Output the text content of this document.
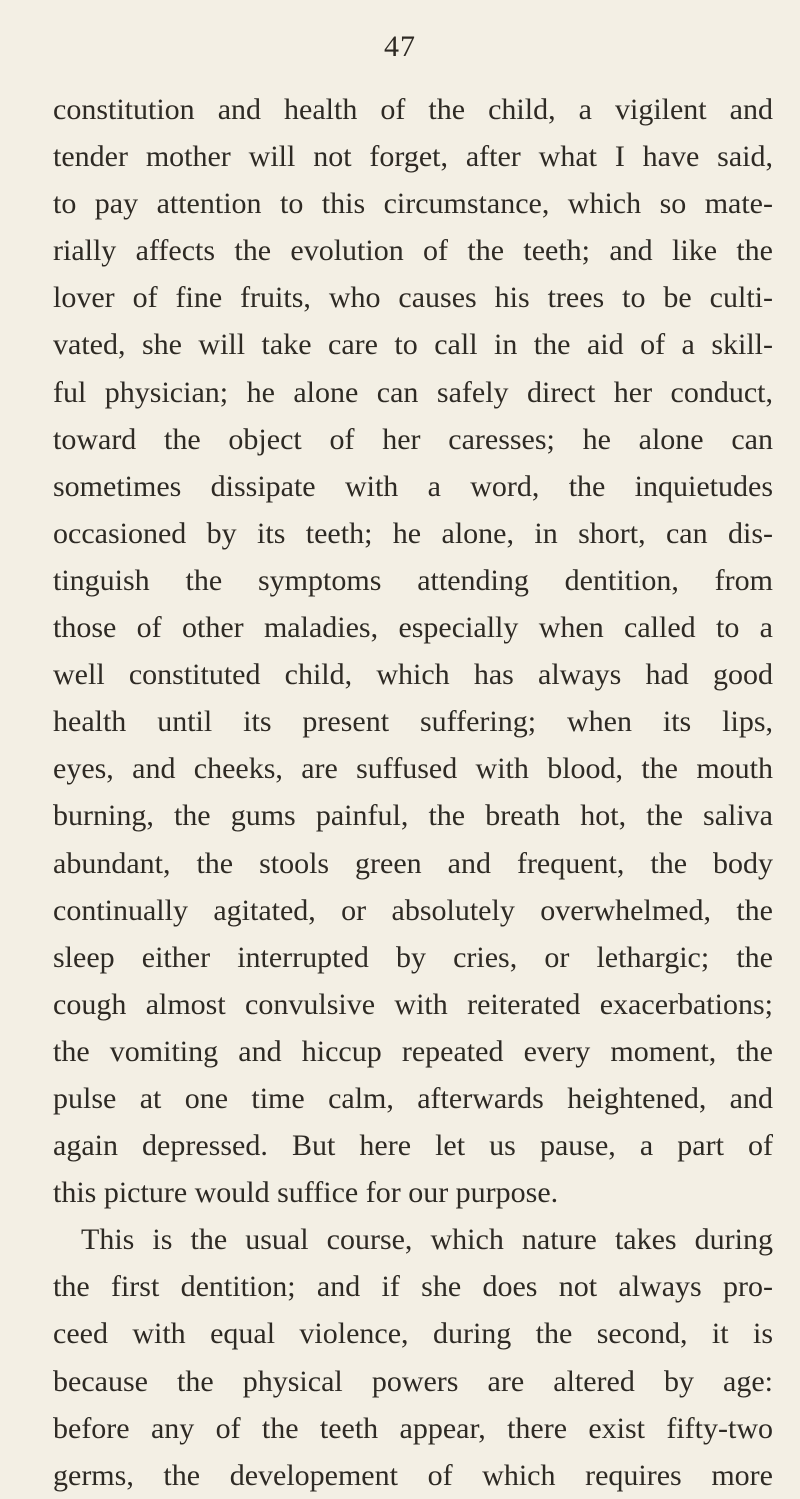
47
constitution and health of the child, a vigilent and
tender mother will not forget, after what I have said,
to pay attention to this circumstance, which so mate-
rially affects the evolution of the teeth; and like the
lover of fine fruits, who causes his trees to be culti-
vated, she will take care to call in the aid of a skill-
ful physician; he alone can safely direct her conduct,
toward the object of her caresses; he alone can
sometimes dissipate with a word, the inquietudes
occasioned by its teeth; he alone, in short, can dis-
tinguish the symptoms attending dentition, from
those of other maladies, especially when called to a
well constituted child, which has always had good
health until its present suffering; when its lips,
eyes, and cheeks, are suffused with blood, the mouth
burning, the gums painful, the breath hot, the saliva
abundant, the stools green and frequent, the body
continually agitated, or absolutely overwhelmed, the
sleep either interrupted by cries, or lethargic; the
cough almost convulsive with reiterated exacerbations;
the vomiting and hiccup repeated every moment, the
pulse at one time calm, afterwards heightened, and
again depressed. But here let us pause, a part of
this picture would suffice for our purpose.
This is the usual course, which nature takes during
the first dentition; and if she does not always pro-
ceed with equal violence, during the second, it is
because the physical powers are altered by age:
before any of the teeth appear, there exist fifty-two
germs, the developement of which requires more
